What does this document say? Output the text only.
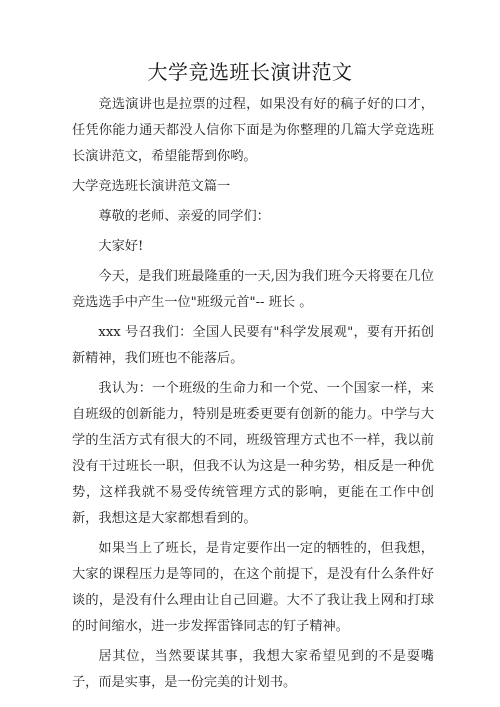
大学竞选班长演讲范文

竞选演讲也是拉票的过程，如果没有好的稿子好的口才，任凭你能力通天都没人信你下面是为你整理的几篇大学竞选班长演讲范文，希望能帮到你哟。

大学竞选班长演讲范文篇一

尊敬的老师、亲爱的同学们：

大家好!

今天，是我们班最隆重的一天,因为我们班今天将要在几位竞选选手中产生一位"班级元首"-- 班长 。

xxx 号召我们：全国人民要有"科学发展观"，要有开拓创新精神，我们班也不能落后。

我认为：一个班级的生命力和一个党、一个国家一样，来自班级的创新能力，特别是班委更要有创新的能力。中学与大学的生活方式有很大的不同，班级管理方式也不一样，我以前没有干过班长一职，但我不认为这是一种劣势，相反是一种优势，这样我就不易受传统管理方式的影响，更能在工作中创新，我想这是大家都想看到的。

如果当上了班长，是肯定要作出一定的牺牲的，但我想，大家的课程压力是等同的，在这个前提下，是没有什么条件好谈的，是没有什么理由让自己回避。大不了我让我上网和打球的时间缩水，进一步发挥雷锋同志的钉子精神。

居其位，当然要谋其事，我想大家希望见到的不是耍嘴子，而是实事，是一份完美的计划书。
